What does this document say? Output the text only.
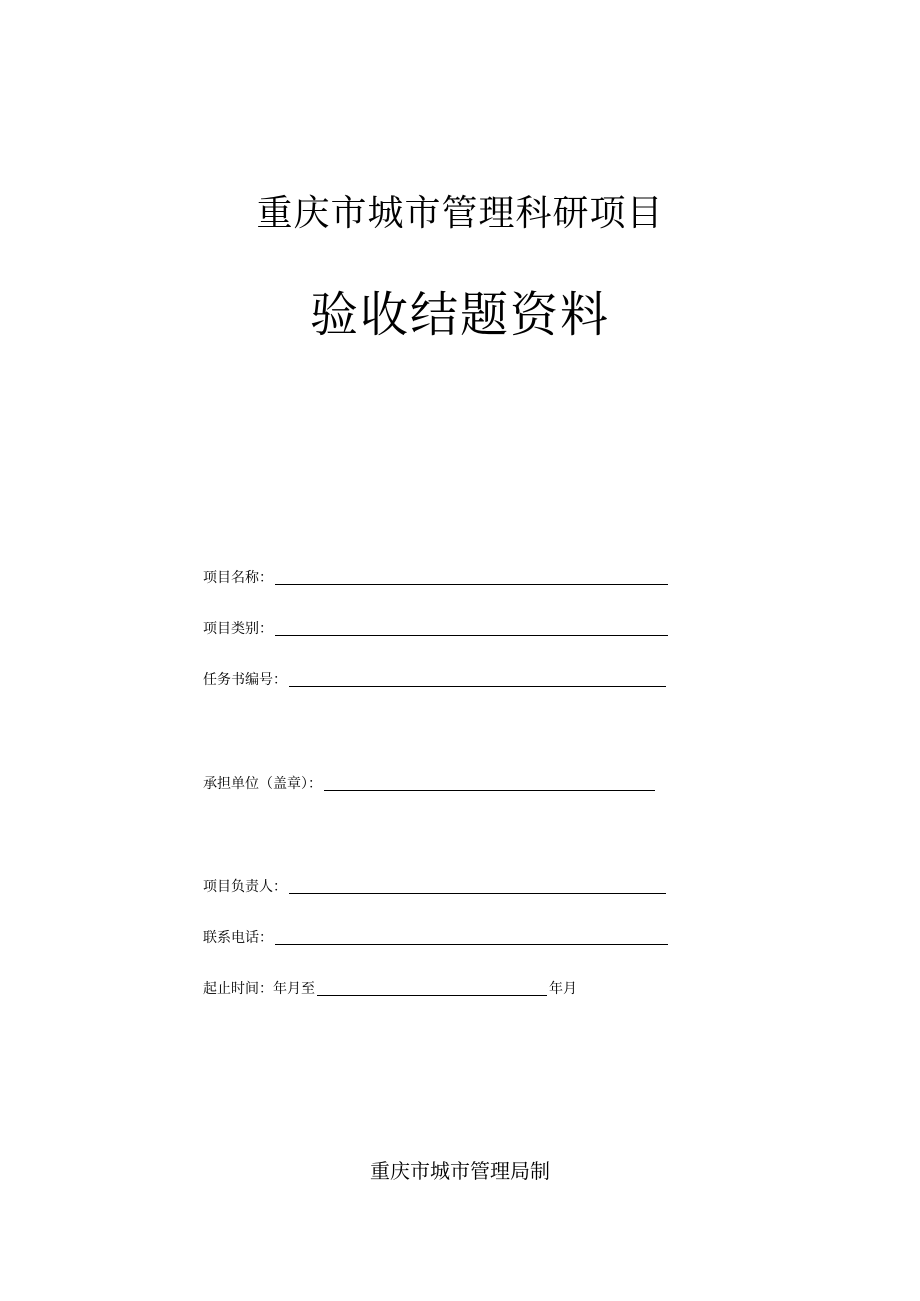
重庆市城市管理科研项目
验收结题资料
项目名称：
项目类别：
任务书编号：
承担单位（盖章）：
项目负责人：
联系电话：
起止时间：年月至	年月
重庆市城市管理局制
